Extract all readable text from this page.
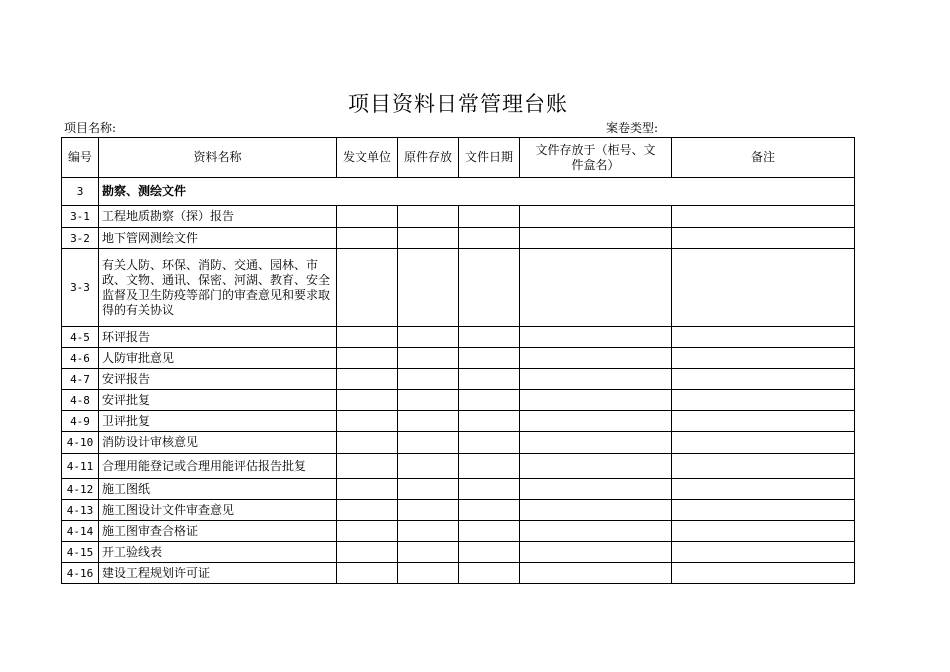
项目资料日常管理台账
项目名称:	案卷类型:
编号	资料名称	发文单位	原件存放	文件日期	文件存放于（柜号、文件盒名）	备注
3	勘察、测绘文件					
3-1	工程地质勘察（探）报告					
3-2	地下管网测绘文件					
3-3	有关人防、环保、消防、交通、园林、市政、文物、通讯、保密、河湖、教育、安全监督及卫生防疫等部门的审查意见和要求取得的有关协议					
4-5	环评报告					
4-6	人防审批意见					
4-7	安评报告					
4-8	安评批复					
4-9	卫评批复					
4-10	消防设计审核意见					
4-11	合理用能登记或合理用能评估报告批复					
4-12	施工图纸					
4-13	施工图设计文件审查意见					
4-14	施工图审查合格证					
4-15	开工验线表					
4-16	建设工程规划许可证					
